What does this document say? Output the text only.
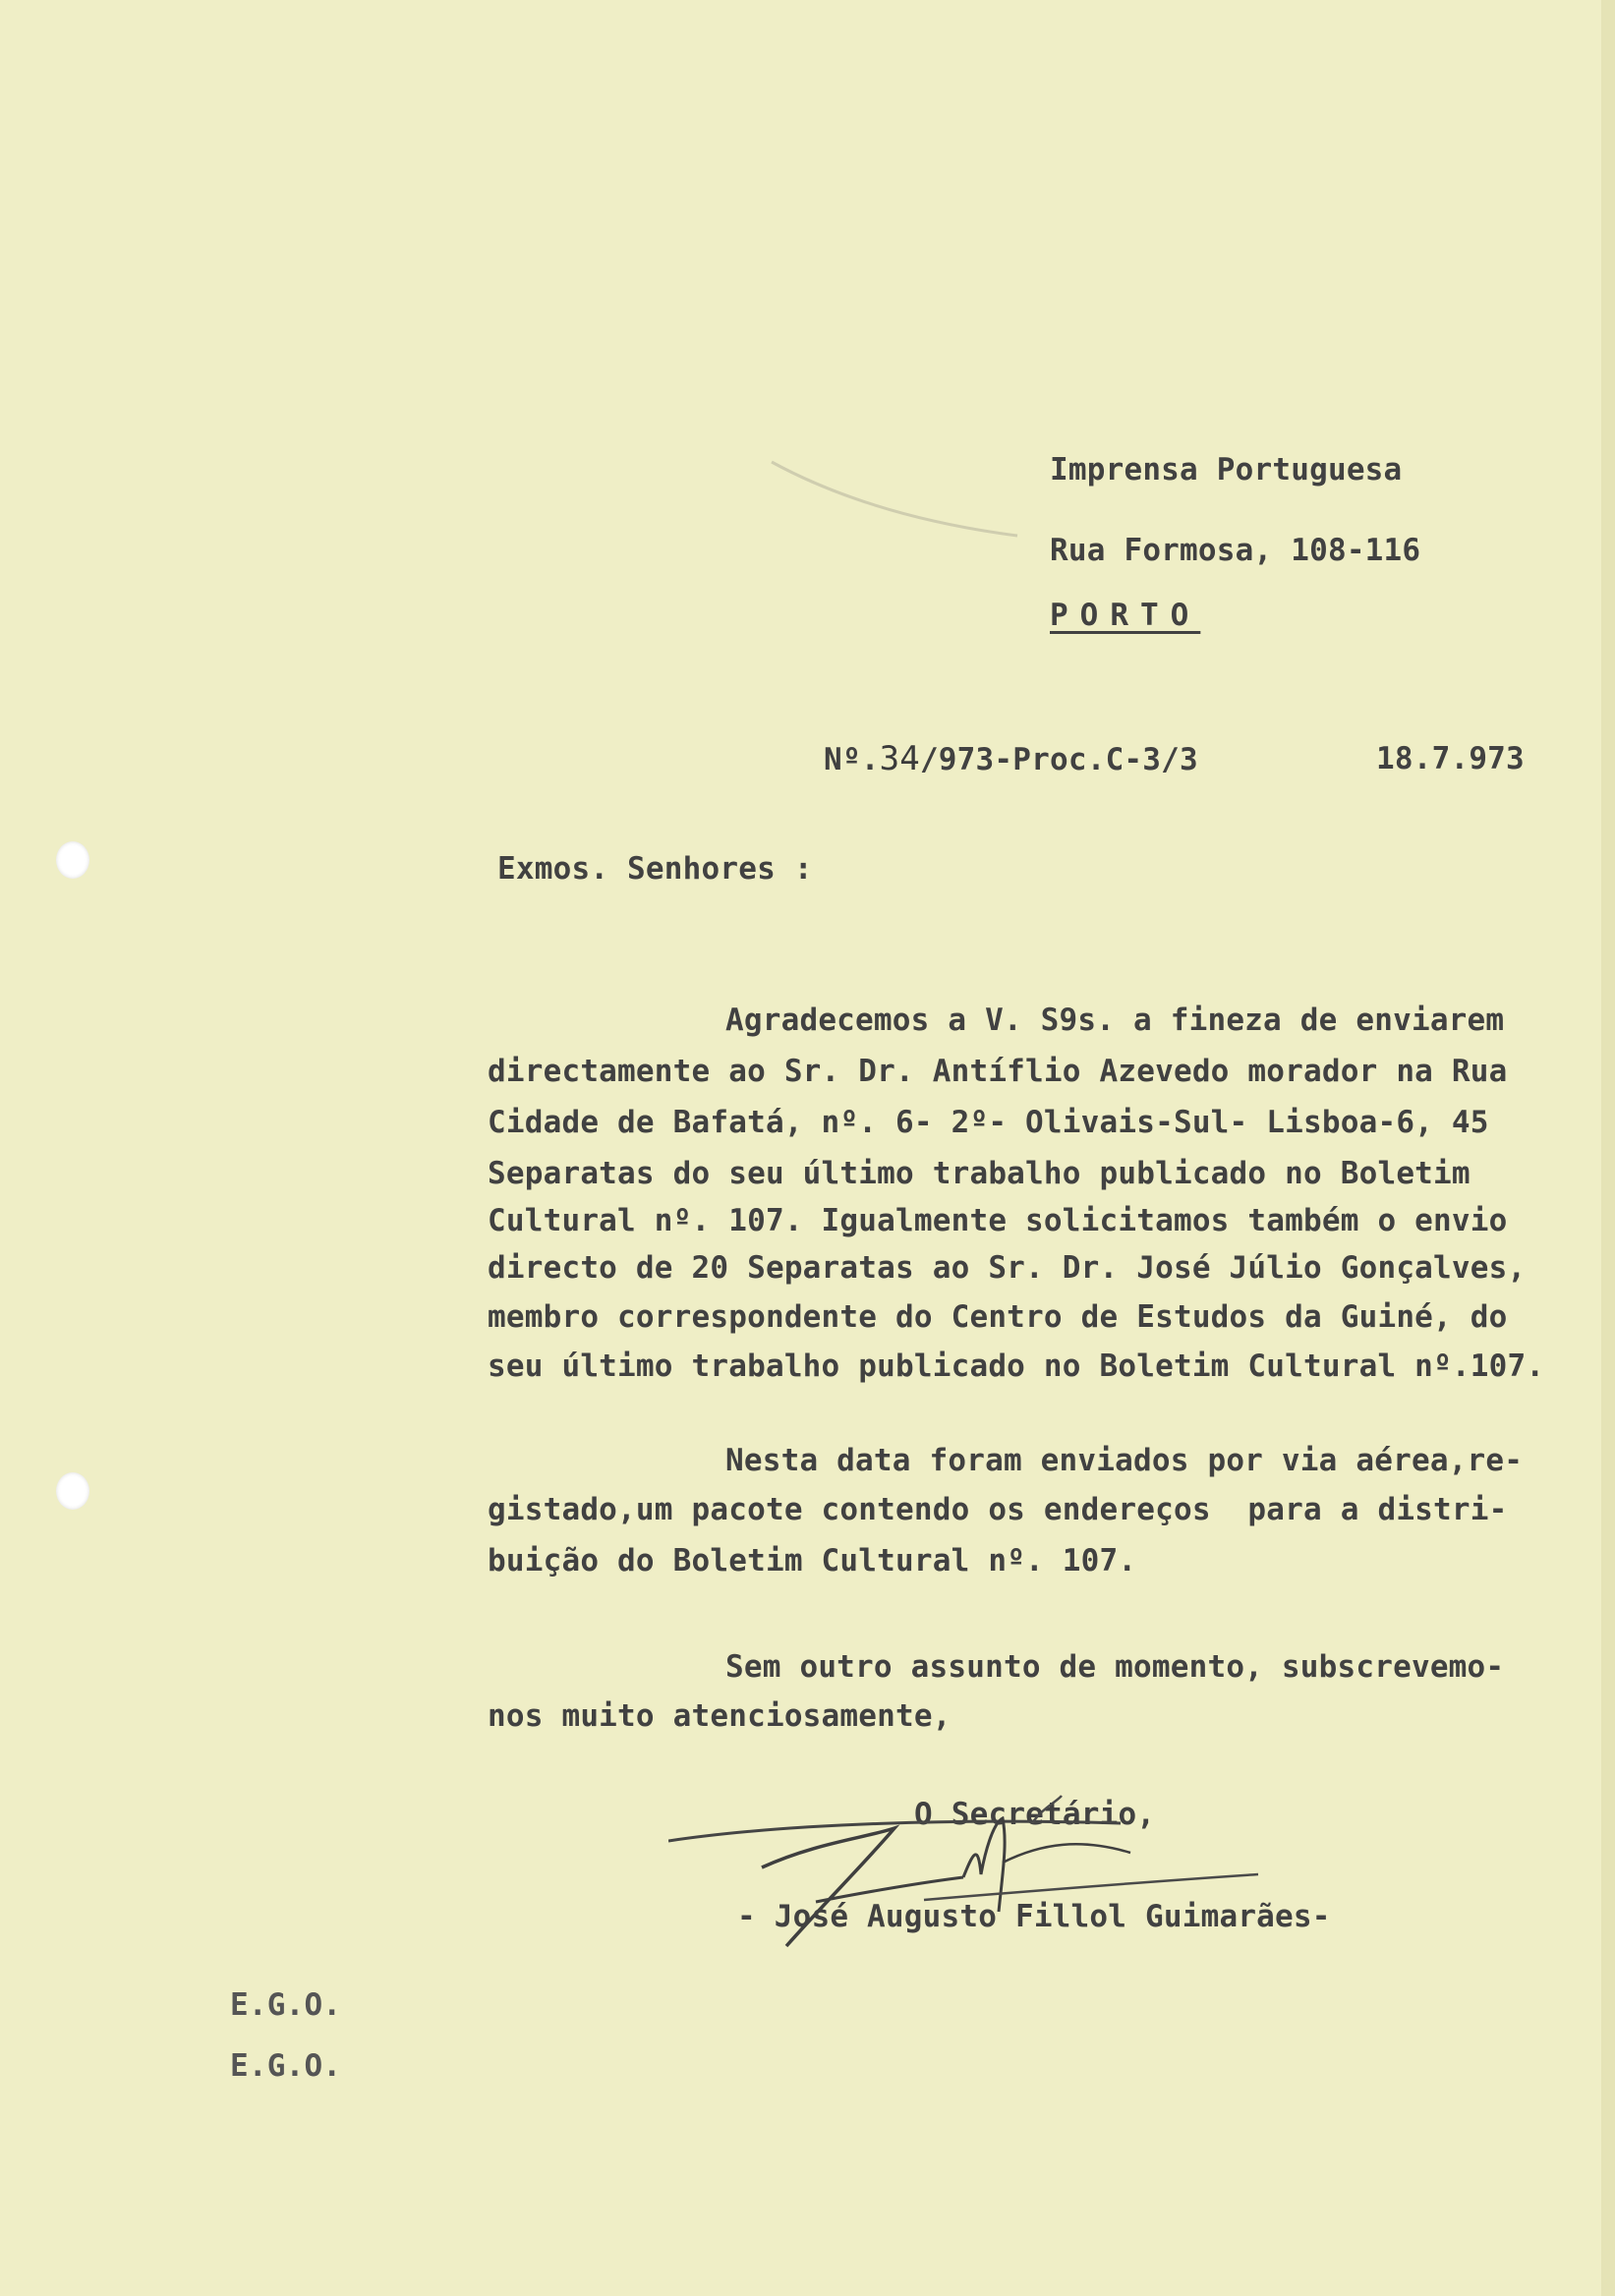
Imprensa Portuguesa
Rua Formosa, 108-116
PORTO
Nº.34/973-Proc.C-3/3	18.7.973
Exmos. Senhores :
Agradecemos a V. S9s. a fineza de enviarem
directamente ao Sr. Dr. Antíflio Azevedo morador na Rua
Cidade de Bafatá, nº. 6- 2º- Olivais-Sul- Lisboa-6, 45
Separatas do seu último trabalho publicado no Boletim
Cultural nº. 107. Igualmente solicitamos também o envio
directo de 20 Separatas ao Sr. Dr. José Júlio Gonçalves,
membro correspondente do Centro de Estudos da Guiné, do
seu último trabalho publicado no Boletim Cultural nº.107.
Nesta data foram enviados por via aérea,re-
gistado,um pacote contendo os endereços  para a distri-
buição do Boletim Cultural nº. 107.
Sem outro assunto de momento, subscrevemo-
nos muito atenciosamente,
O Secretário,
- José Augusto Fillol Guimarães-
E.G.O.
E.G.O.
